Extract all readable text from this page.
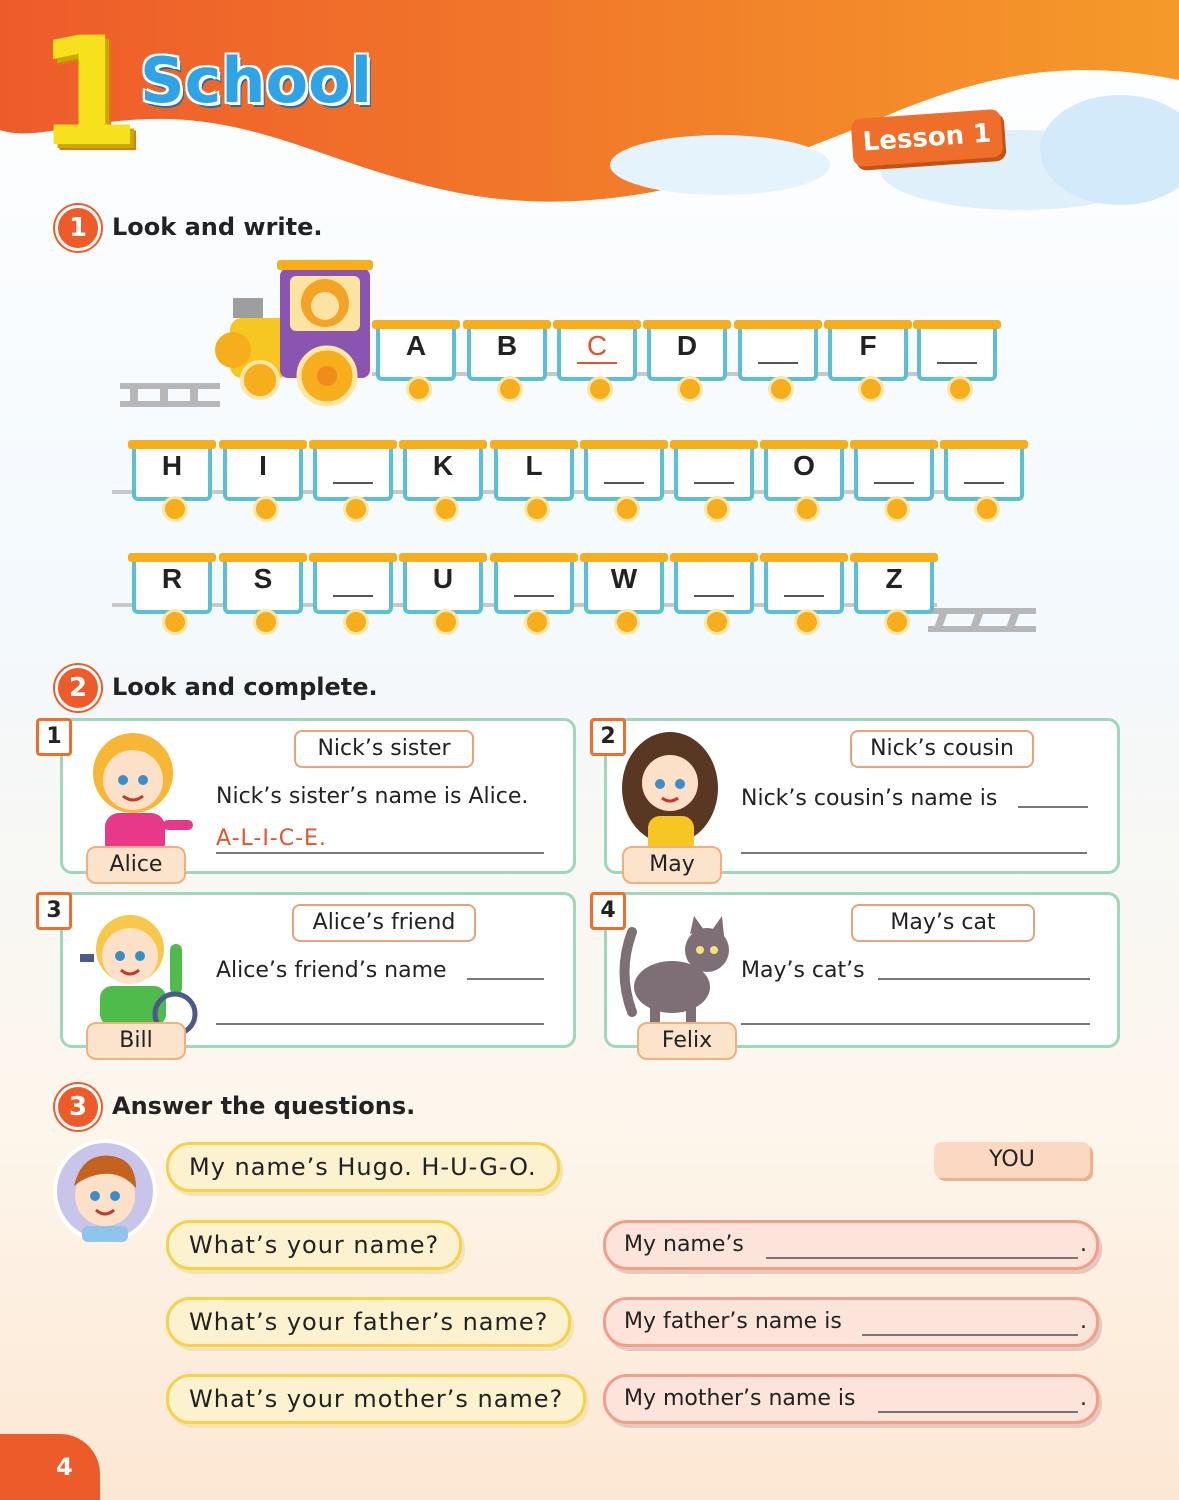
1 School
Lesson 1
1	Look and write.
A	B	C	D	F
H	I	K	L	O
R	S	U	W	Z
2	Look and complete.
1
Alice
Nick’s sister
Nick’s sister’s name is Alice.
A-L-I-C-E.
2
May
Nick’s cousin
Nick’s cousin’s name is
3
Bill
Alice’s friend
Alice’s friend’s name
4
Felix
May’s cat
May’s cat’s
3	Answer the questions.
My name’s Hugo. H-U-G-O.	YOU
What’s your name?
What’s your father’s name?
What’s your mother’s name?
My name’s	.
My father’s name is	.
My mother’s name is	.
4
